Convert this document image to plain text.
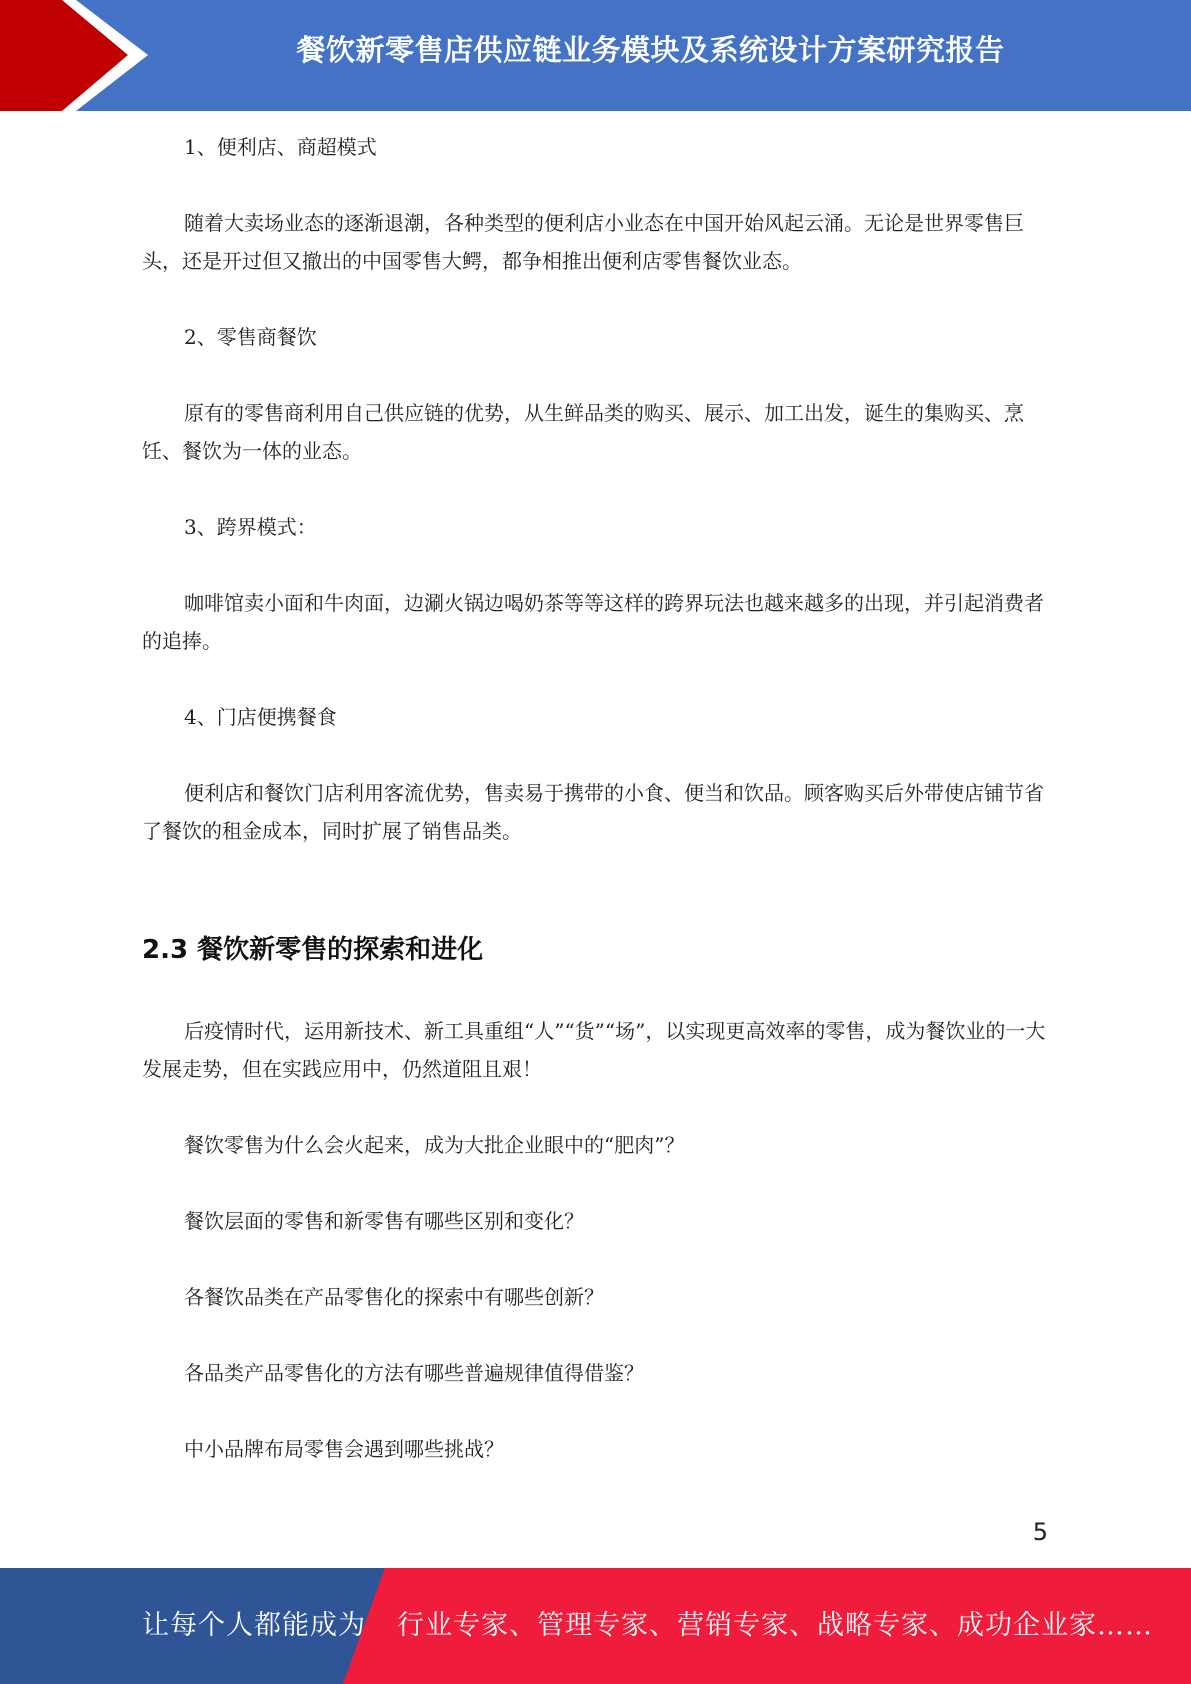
餐饮新零售店供应链业务模块及系统设计方案研究报告

1、便利店、商超模式

随着大卖场业态的逐渐退潮，各种类型的便利店小业态在中国开始风起云涌。无论是世界零售巨头，还是开过但又撤出的中国零售大鳄，都争相推出便利店零售餐饮业态。

2、零售商餐饮

原有的零售商利用自己供应链的优势，从生鲜品类的购买、展示、加工出发，诞生的集购买、烹饪、餐饮为一体的业态。

3、跨界模式：

咖啡馆卖小面和牛肉面，边涮火锅边喝奶茶等等这样的跨界玩法也越来越多的出现，并引起消费者的追捧。

4、门店便携餐食

便利店和餐饮门店利用客流优势，售卖易于携带的小食、便当和饮品。顾客购买后外带使店铺节省了餐饮的租金成本，同时扩展了销售品类。

2.3 餐饮新零售的探索和进化

后疫情时代，运用新技术、新工具重组“人”“货”“场”，以实现更高效率的零售，成为餐饮业的一大发展走势，但在实践应用中，仍然道阻且艰！

餐饮零售为什么会火起来，成为大批企业眼中的“肥肉”？

餐饮层面的零售和新零售有哪些区别和变化？

各餐饮品类在产品零售化的探索中有哪些创新？

各品类产品零售化的方法有哪些普遍规律值得借鉴？

中小品牌布局零售会遇到哪些挑战？

5
让每个人都能成为 行业专家、管理专家、营销专家、战略专家、成功企业家……
